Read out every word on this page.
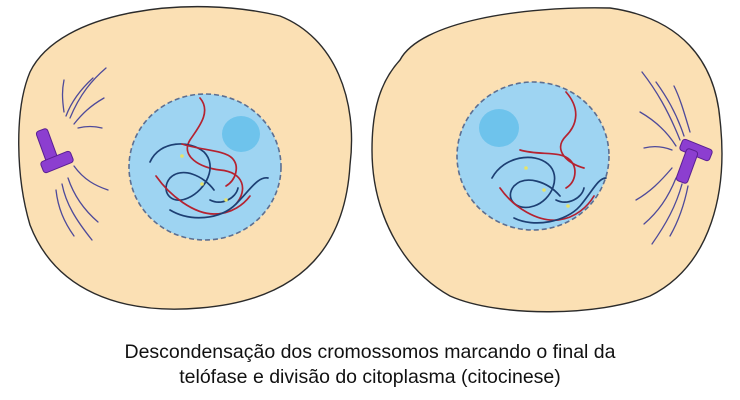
Descondensação dos cromossomos marcando o final da
telófase e divisão do citoplasma (citocinese)
